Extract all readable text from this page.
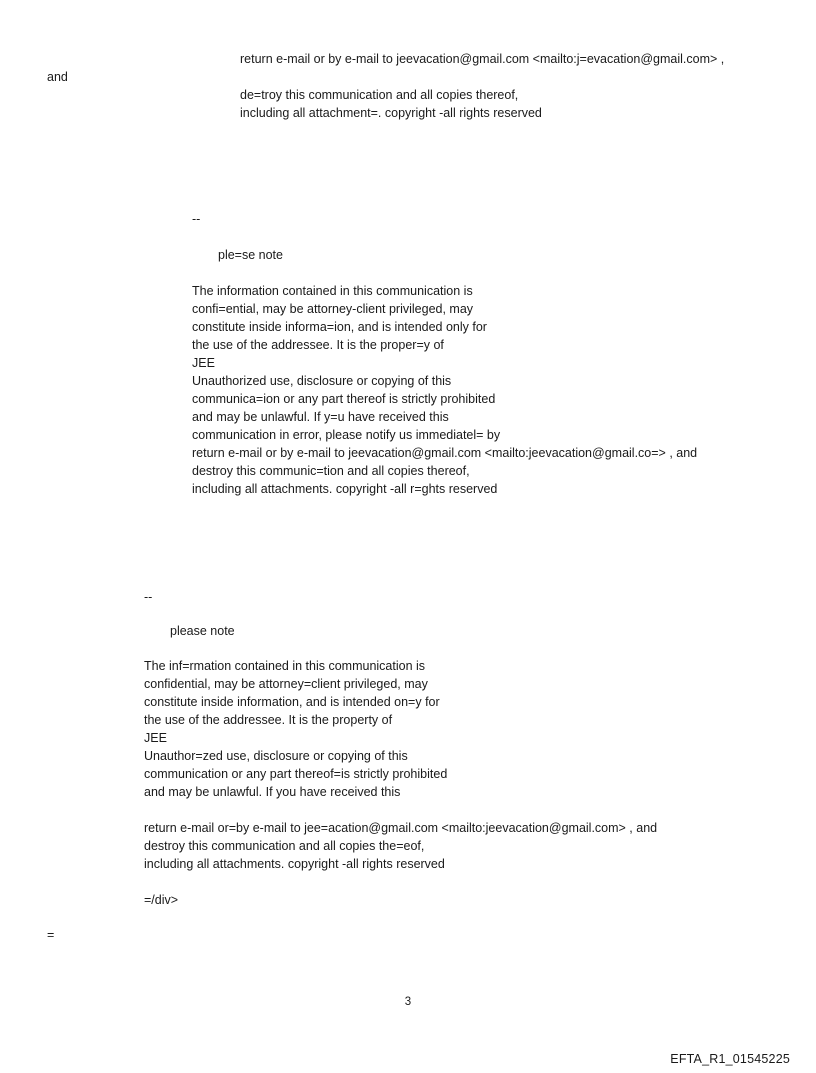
return e-mail or by e-mail to jeevacation@gmail.com <mailto:j=evacation@gmail.com> ,
and
de=troy this communication and all copies thereof,
including all attachment=. copyright -all rights reserved
--
ple=se note
The information contained in this communication is
confi=ential, may be attorney-client privileged, may
constitute inside informa=ion, and is intended only for
the use of the addressee. It is the proper=y of
JEE
Unauthorized use, disclosure or copying of this
communica=ion or any part thereof is strictly prohibited
and may be unlawful. If y=u have received this
communication in error, please notify us immediatel= by
return e-mail or by e-mail to jeevacation@gmail.com <mailto:jeevacation@gmail.co=> , and
destroy this communic=tion and all copies thereof,
including all attachments. copyright -all r=ghts reserved
--
please note
The inf=rmation contained in this communication is
confidential, may be attorney=client privileged, may
constitute inside information, and is intended on=y for
the use of the addressee. It is the property of
JEE
Unauthor=zed use, disclosure or copying of this
communication or any part thereof=is strictly prohibited
and may be unlawful. If you have received this
return e-mail or=by e-mail to jee=acation@gmail.com <mailto:jeevacation@gmail.com> , and
destroy this communication and all copies the=eof,
including all attachments. copyright -all rights reserved
=/div>
=
3
EFTA_R1_01545225
